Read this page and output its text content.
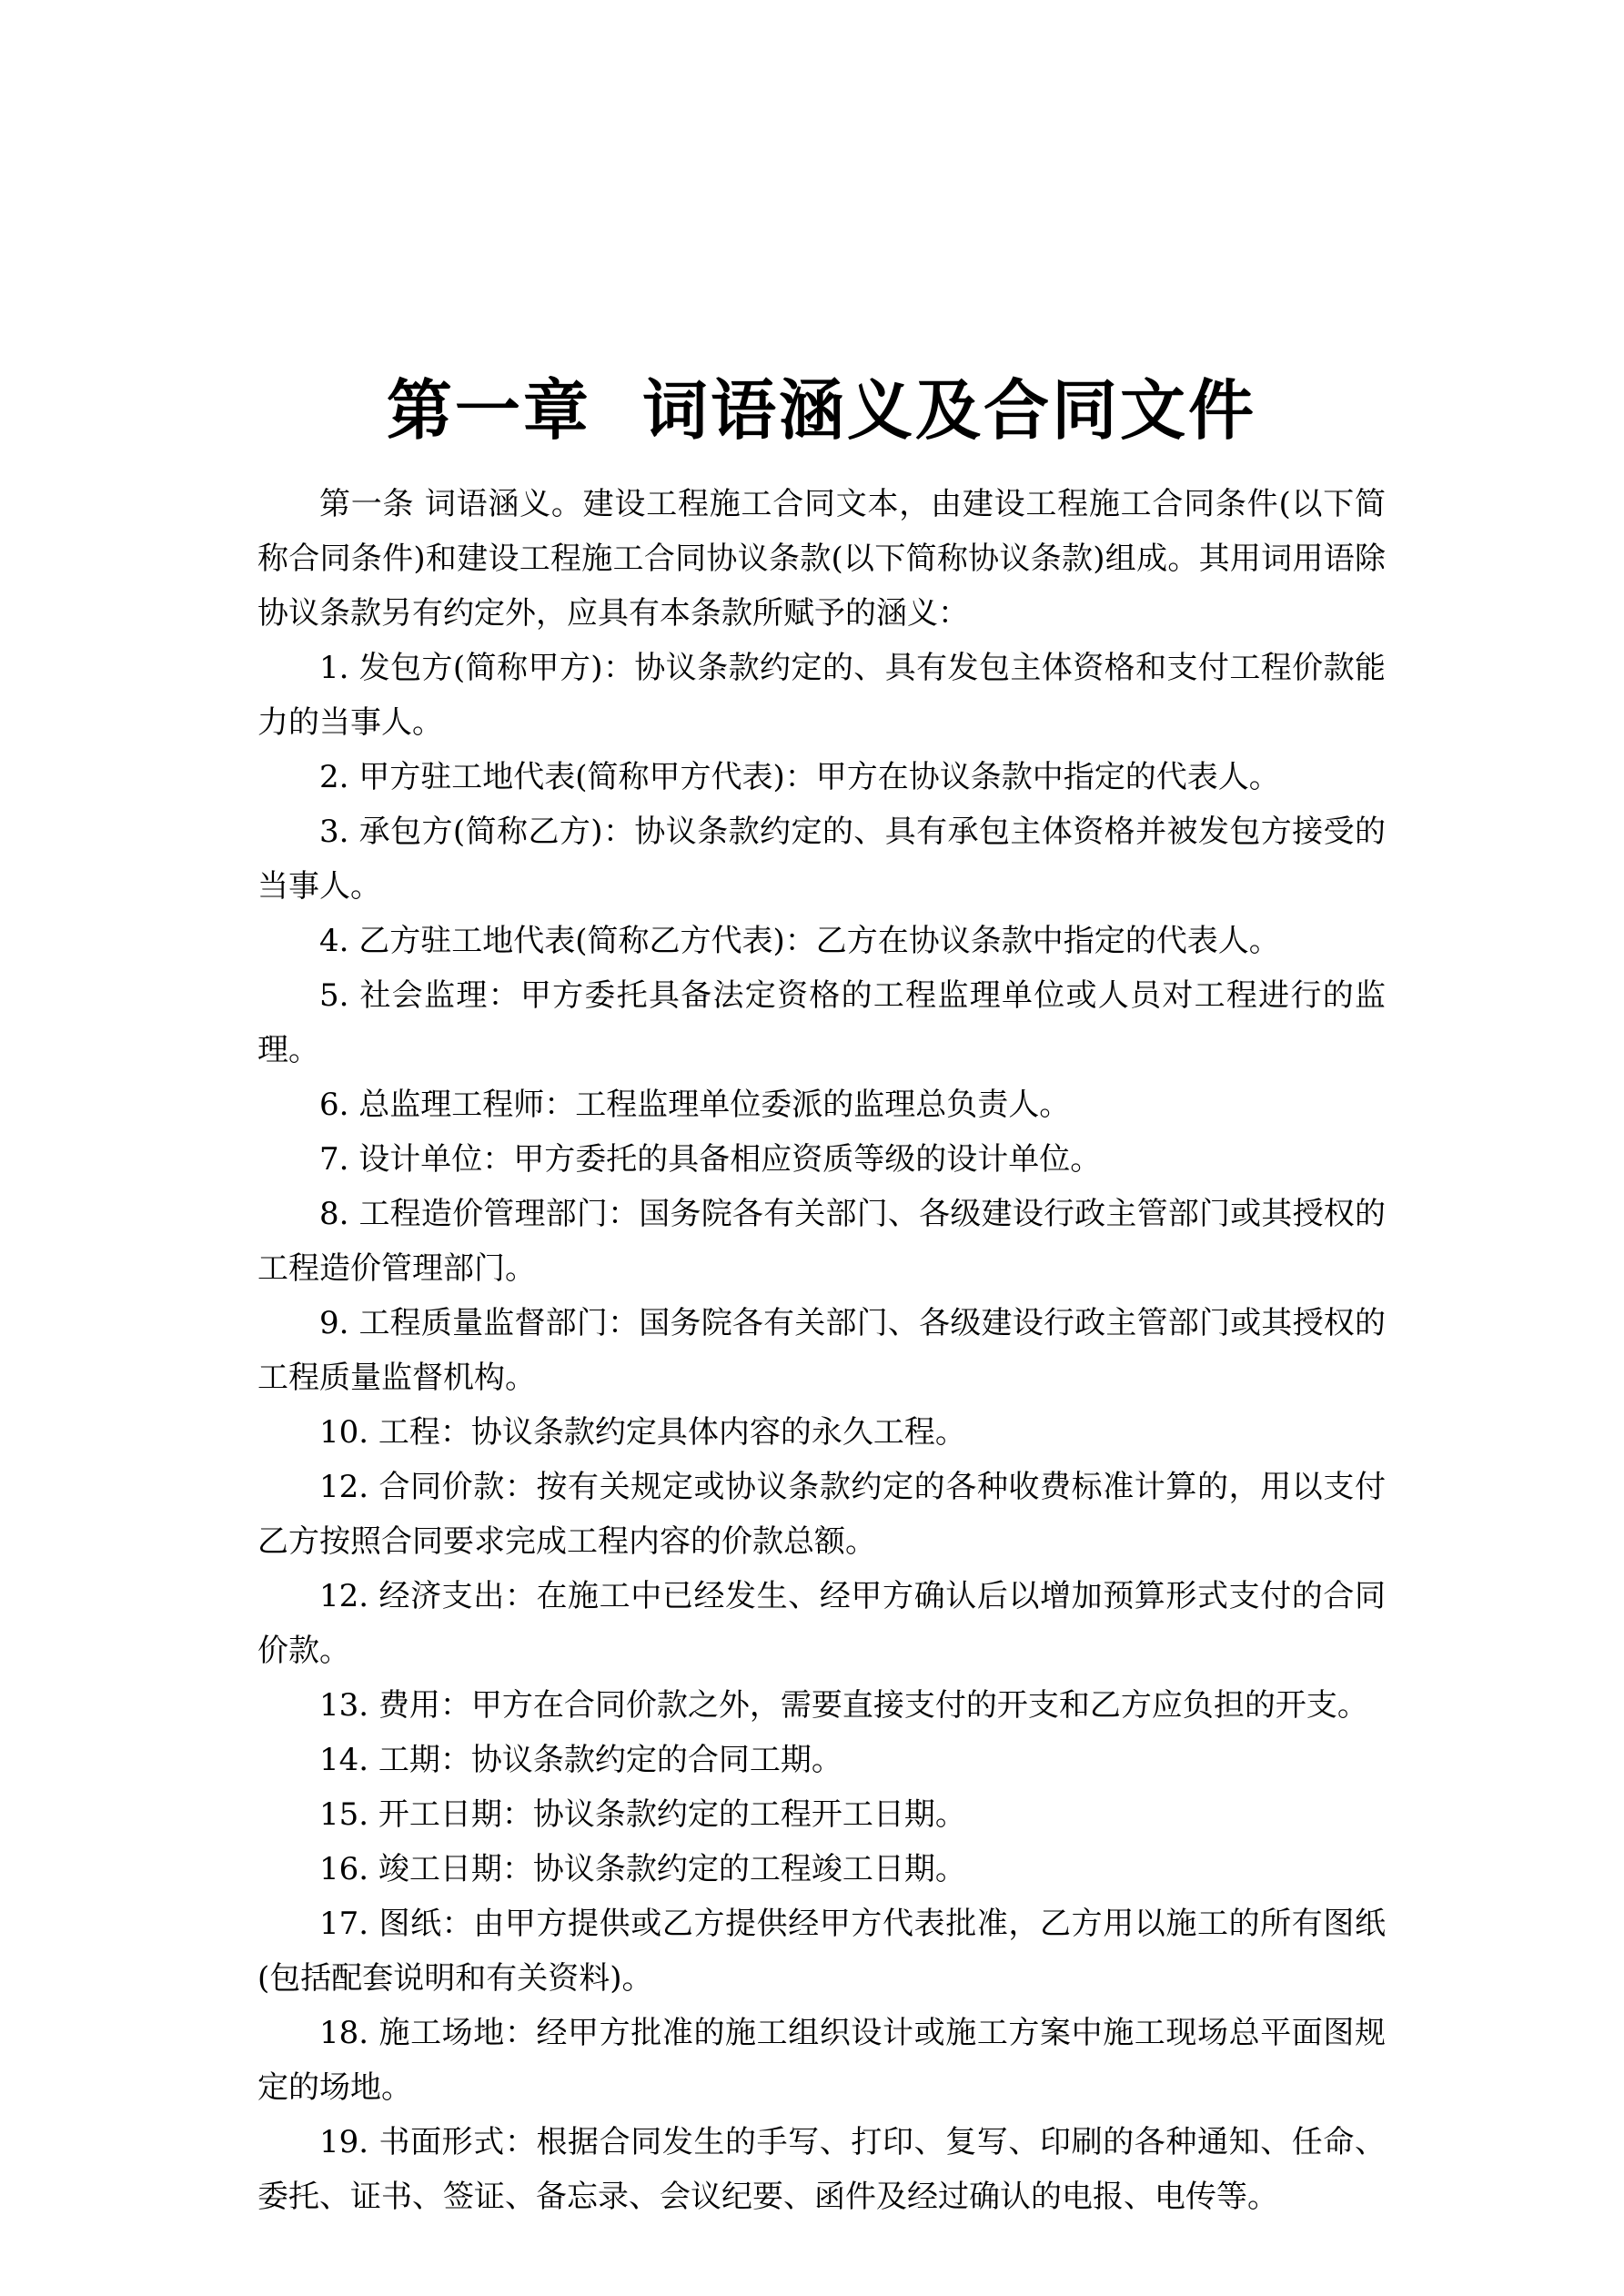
第一章  词语涵义及合同文件

第一条 词语涵义。建设工程施工合同文本，由建设工程施工合同条件(以下简称合同条件)和建设工程施工合同协议条款(以下简称协议条款)组成。其用词用语除协议条款另有约定外，应具有本条款所赋予的涵义：

1. 发包方(简称甲方)：协议条款约定的、具有发包主体资格和支付工程价款能力的当事人。

2. 甲方驻工地代表(简称甲方代表)：甲方在协议条款中指定的代表人。

3. 承包方(简称乙方)：协议条款约定的、具有承包主体资格并被发包方接受的当事人。

4. 乙方驻工地代表(简称乙方代表)：乙方在协议条款中指定的代表人。

5. 社会监理：甲方委托具备法定资格的工程监理单位或人员对工程进行的监理。

6. 总监理工程师：工程监理单位委派的监理总负责人。

7. 设计单位：甲方委托的具备相应资质等级的设计单位。

8. 工程造价管理部门：国务院各有关部门、各级建设行政主管部门或其授权的工程造价管理部门。

9. 工程质量监督部门：国务院各有关部门、各级建设行政主管部门或其授权的工程质量监督机构。

10. 工程：协议条款约定具体内容的永久工程。

12. 合同价款：按有关规定或协议条款约定的各种收费标准计算的，用以支付乙方按照合同要求完成工程内容的价款总额。

12. 经济支出：在施工中已经发生、经甲方确认后以增加预算形式支付的合同价款。

13. 费用：甲方在合同价款之外，需要直接支付的开支和乙方应负担的开支。

14. 工期：协议条款约定的合同工期。

15. 开工日期：协议条款约定的工程开工日期。

16. 竣工日期：协议条款约定的工程竣工日期。

17. 图纸：由甲方提供或乙方提供经甲方代表批准，乙方用以施工的所有图纸(包括配套说明和有关资料)。

18. 施工场地：经甲方批准的施工组织设计或施工方案中施工现场总平面图规定的场地。

19. 书面形式：根据合同发生的手写、打印、复写、印刷的各种通知、任命、委托、证书、签证、备忘录、会议纪要、函件及经过确认的电报、电传等。
